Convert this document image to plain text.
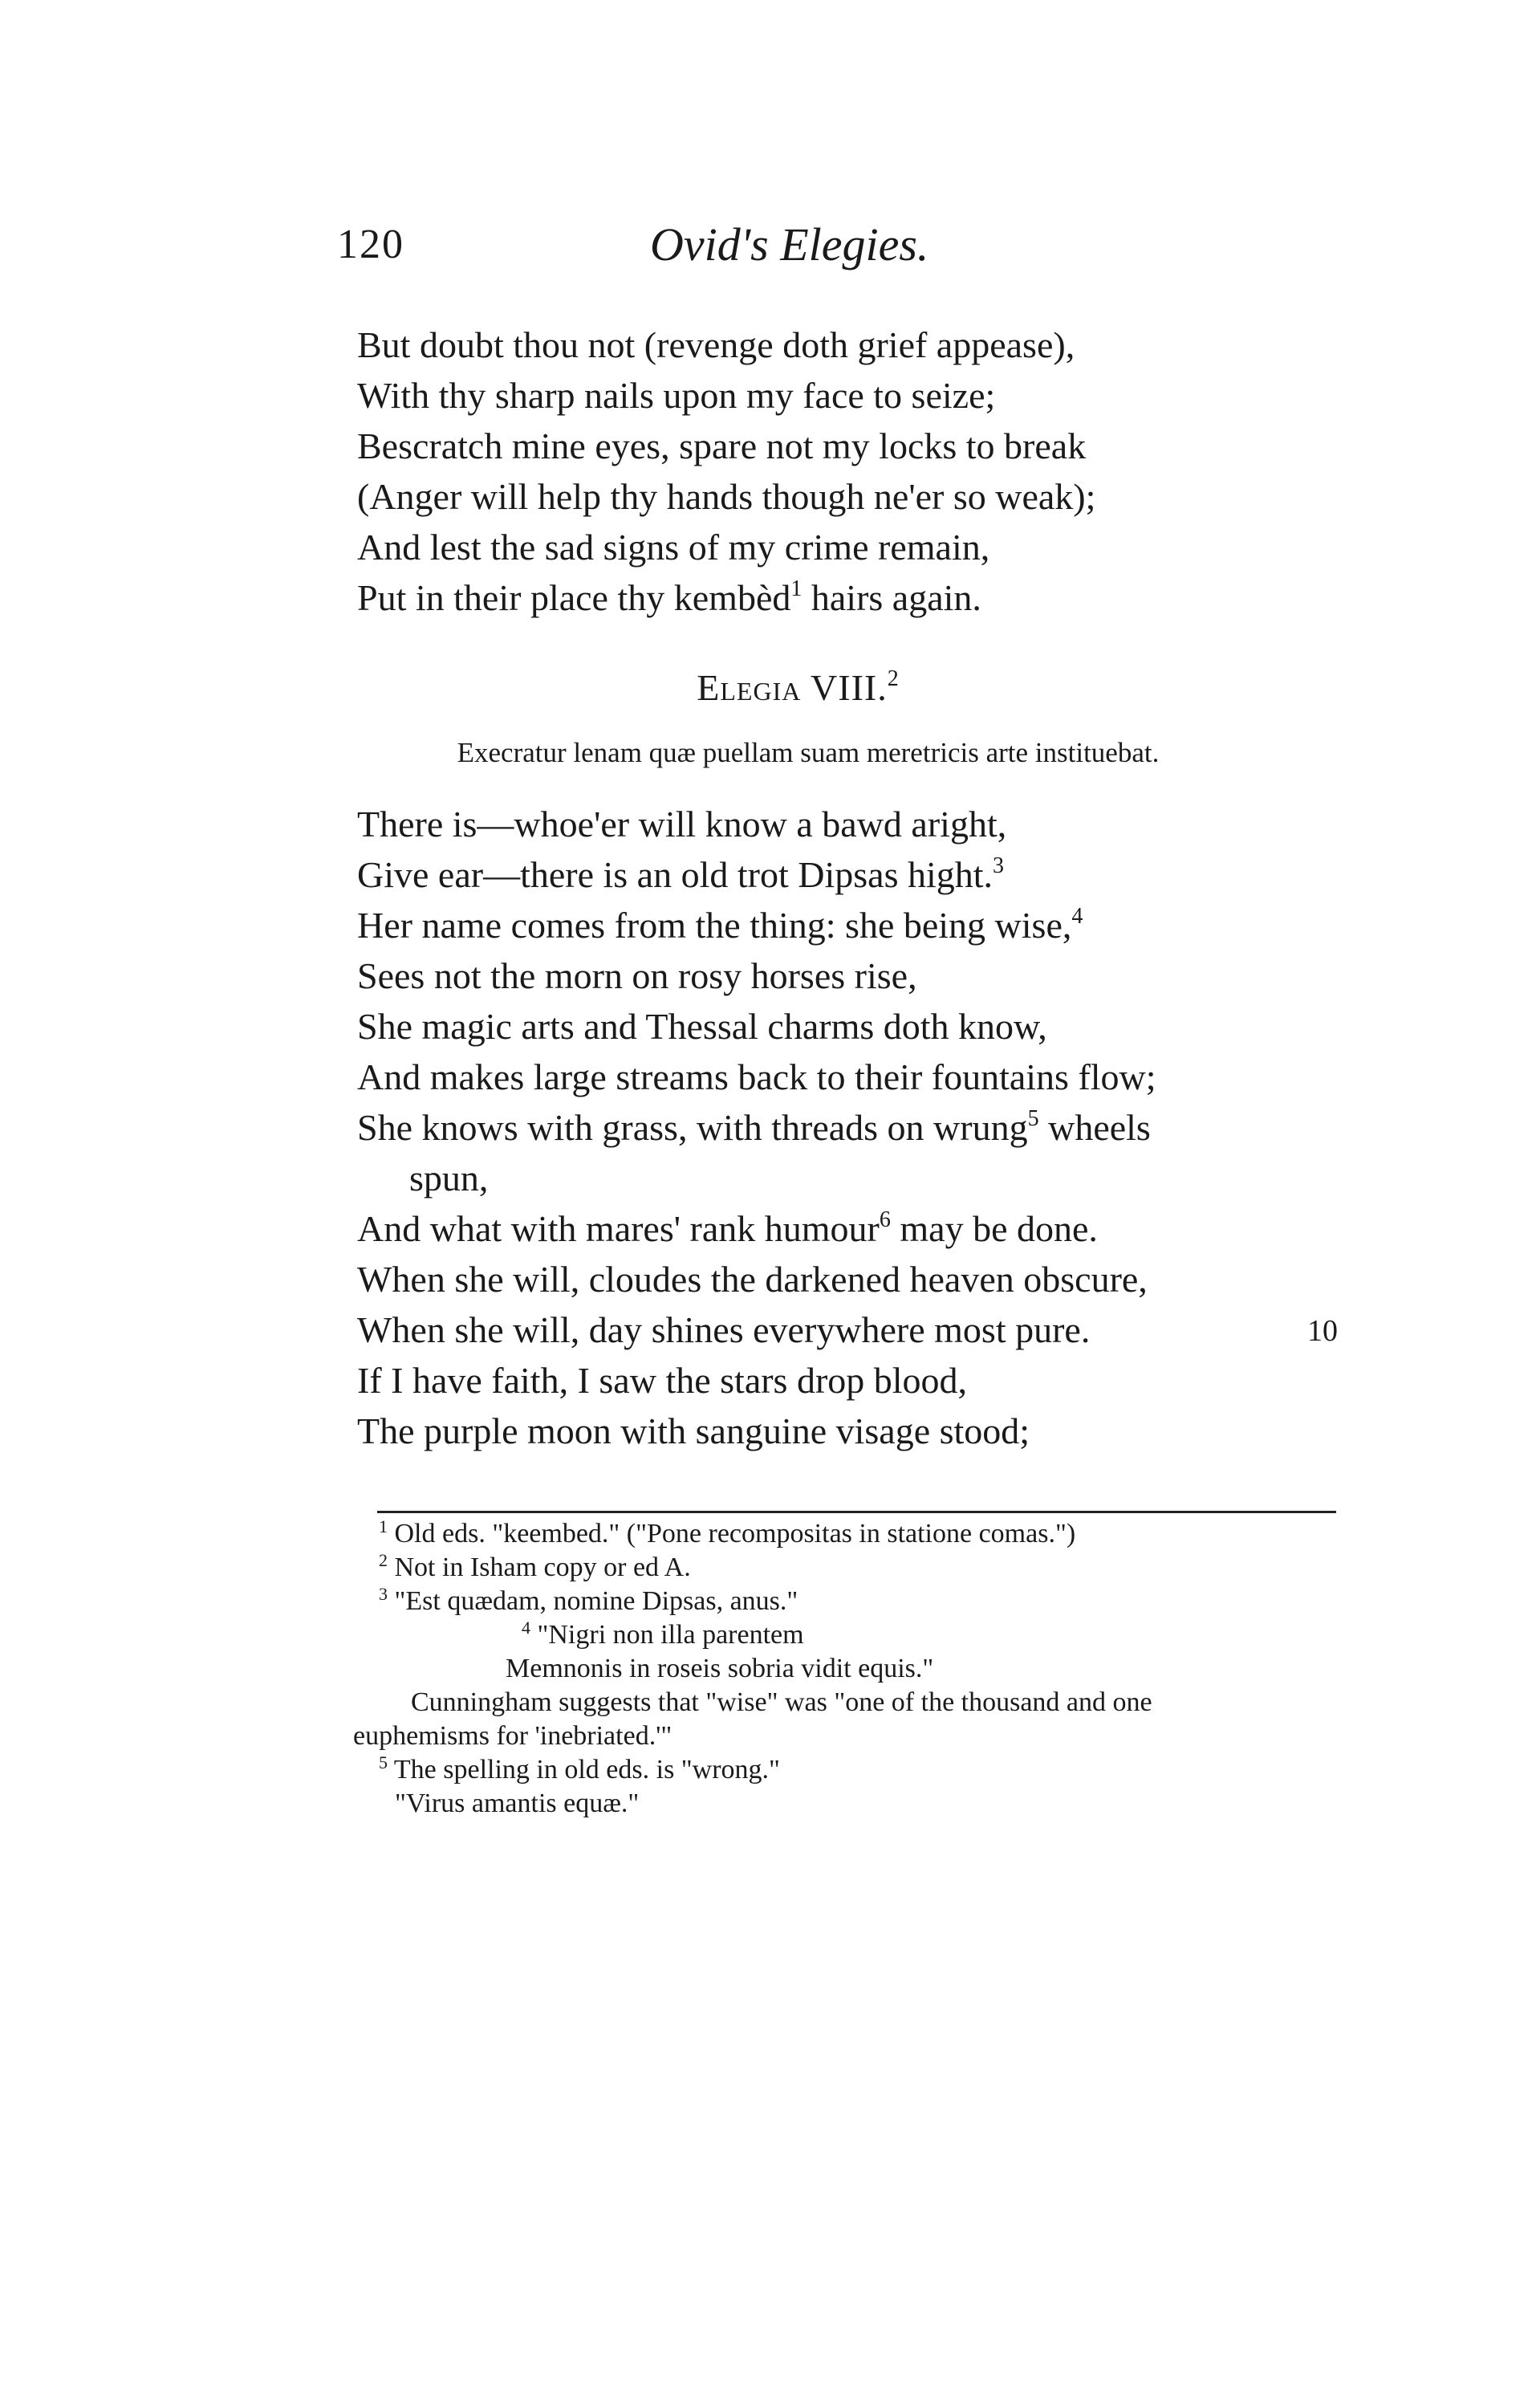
120	Ovid's Elegies.
But doubt thou not (revenge doth grief appease),
With thy sharp nails upon my face to seize;
Bescratch mine eyes, spare not my locks to break
(Anger will help thy hands though ne'er so weak);
And lest the sad signs of my crime remain,
Put in their place thy kembèd$^1$ hairs again.
Elegia VIII.$^2$
Execratur lenam quæ puellam suam meretricis arte instituebat.
There is—whoe'er will know a bawd aright,
Give ear—there is an old trot Dipsas hight.$^3$
Her name comes from the thing: she being wise,$^4$
Sees not the morn on rosy horses rise,
She magic arts and Thessal charms doth know,
And makes large streams back to their fountains flow;
She knows with grass, with threads on wrung$^5$ wheels
spun,
And what with mares' rank humour$^6$ may be done.
When she will, cloudes the darkened heaven obscure,
When she will, day shines everywhere most pure.	10
If I have faith, I saw the stars drop blood,
The purple moon with sanguine visage stood;
$^1$ Old eds. "keembed." ("Pone recompositas in statione comas.")
$^2$ Not in Isham copy or ed A.
$^3$ "Est quædam, nomine Dipsas, anus."
$^4$ "Nigri non illa parentem
Memnonis in roseis sobria vidit equis."
Cunningham suggests that "wise" was "one of the thousand and one
euphemisms for 'inebriated.'"
$^5$ The spelling in old eds. is "wrong."
"Virus amantis equæ."
